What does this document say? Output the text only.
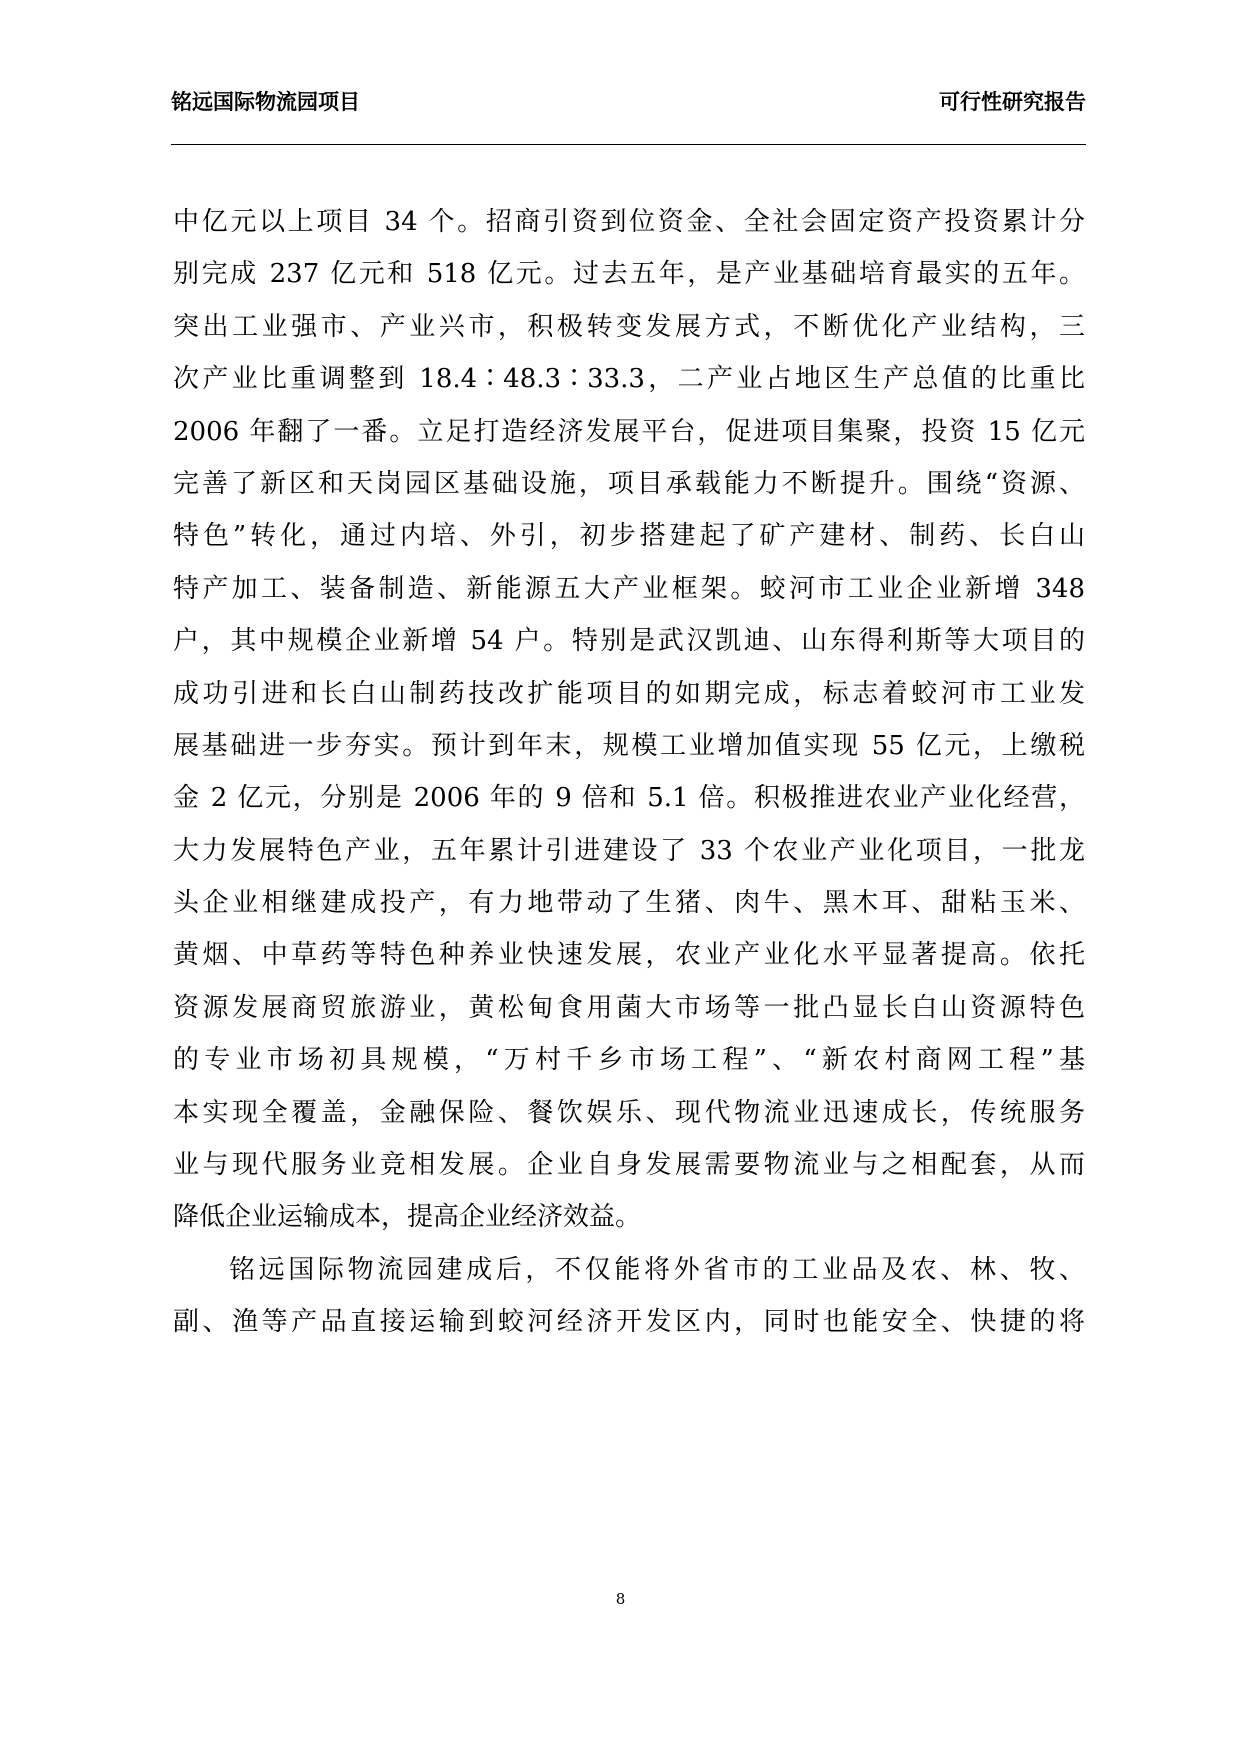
铭远国际物流园项目	可行性研究报告
中亿元以上项目 34 个。招商引资到位资金、全社会固定资产投资累计分
别完成 237 亿元和 518 亿元。过去五年，是产业基础培育最实的五年。
突出工业强市、产业兴市，积极转变发展方式，不断优化产业结构，三
次产业比重调整到 18.4∶48.3∶33.3，二产业占地区生产总值的比重比
2006 年翻了一番。立足打造经济发展平台，促进项目集聚，投资 15 亿元
完善了新区和天岗园区基础设施，项目承载能力不断提升。围绕“资源、
特色”转化，通过内培、外引，初步搭建起了矿产建材、制药、长白山
特产加工、装备制造、新能源五大产业框架。蛟河市工业企业新增 348
户，其中规模企业新增 54 户。特别是武汉凯迪、山东得利斯等大项目的
成功引进和长白山制药技改扩能项目的如期完成，标志着蛟河市工业发
展基础进一步夯实。预计到年末，规模工业增加值实现 55 亿元，上缴税
金 2 亿元，分别是 2006 年的 9 倍和 5.1 倍。积极推进农业产业化经营，
大力发展特色产业，五年累计引进建设了 33 个农业产业化项目，一批龙
头企业相继建成投产，有力地带动了生猪、肉牛、黑木耳、甜粘玉米、
黄烟、中草药等特色种养业快速发展，农业产业化水平显著提高。依托
资源发展商贸旅游业，黄松甸食用菌大市场等一批凸显长白山资源特色
的专业市场初具规模，“万村千乡市场工程”、“新农村商网工程”基
本实现全覆盖，金融保险、餐饮娱乐、现代物流业迅速成长，传统服务
业与现代服务业竞相发展。企业自身发展需要物流业与之相配套，从而
降低企业运输成本，提高企业经济效益。
铭远国际物流园建成后，不仅能将外省市的工业品及农、林、牧、
副、渔等产品直接运输到蛟河经济开发区内，同时也能安全、快捷的将
8
